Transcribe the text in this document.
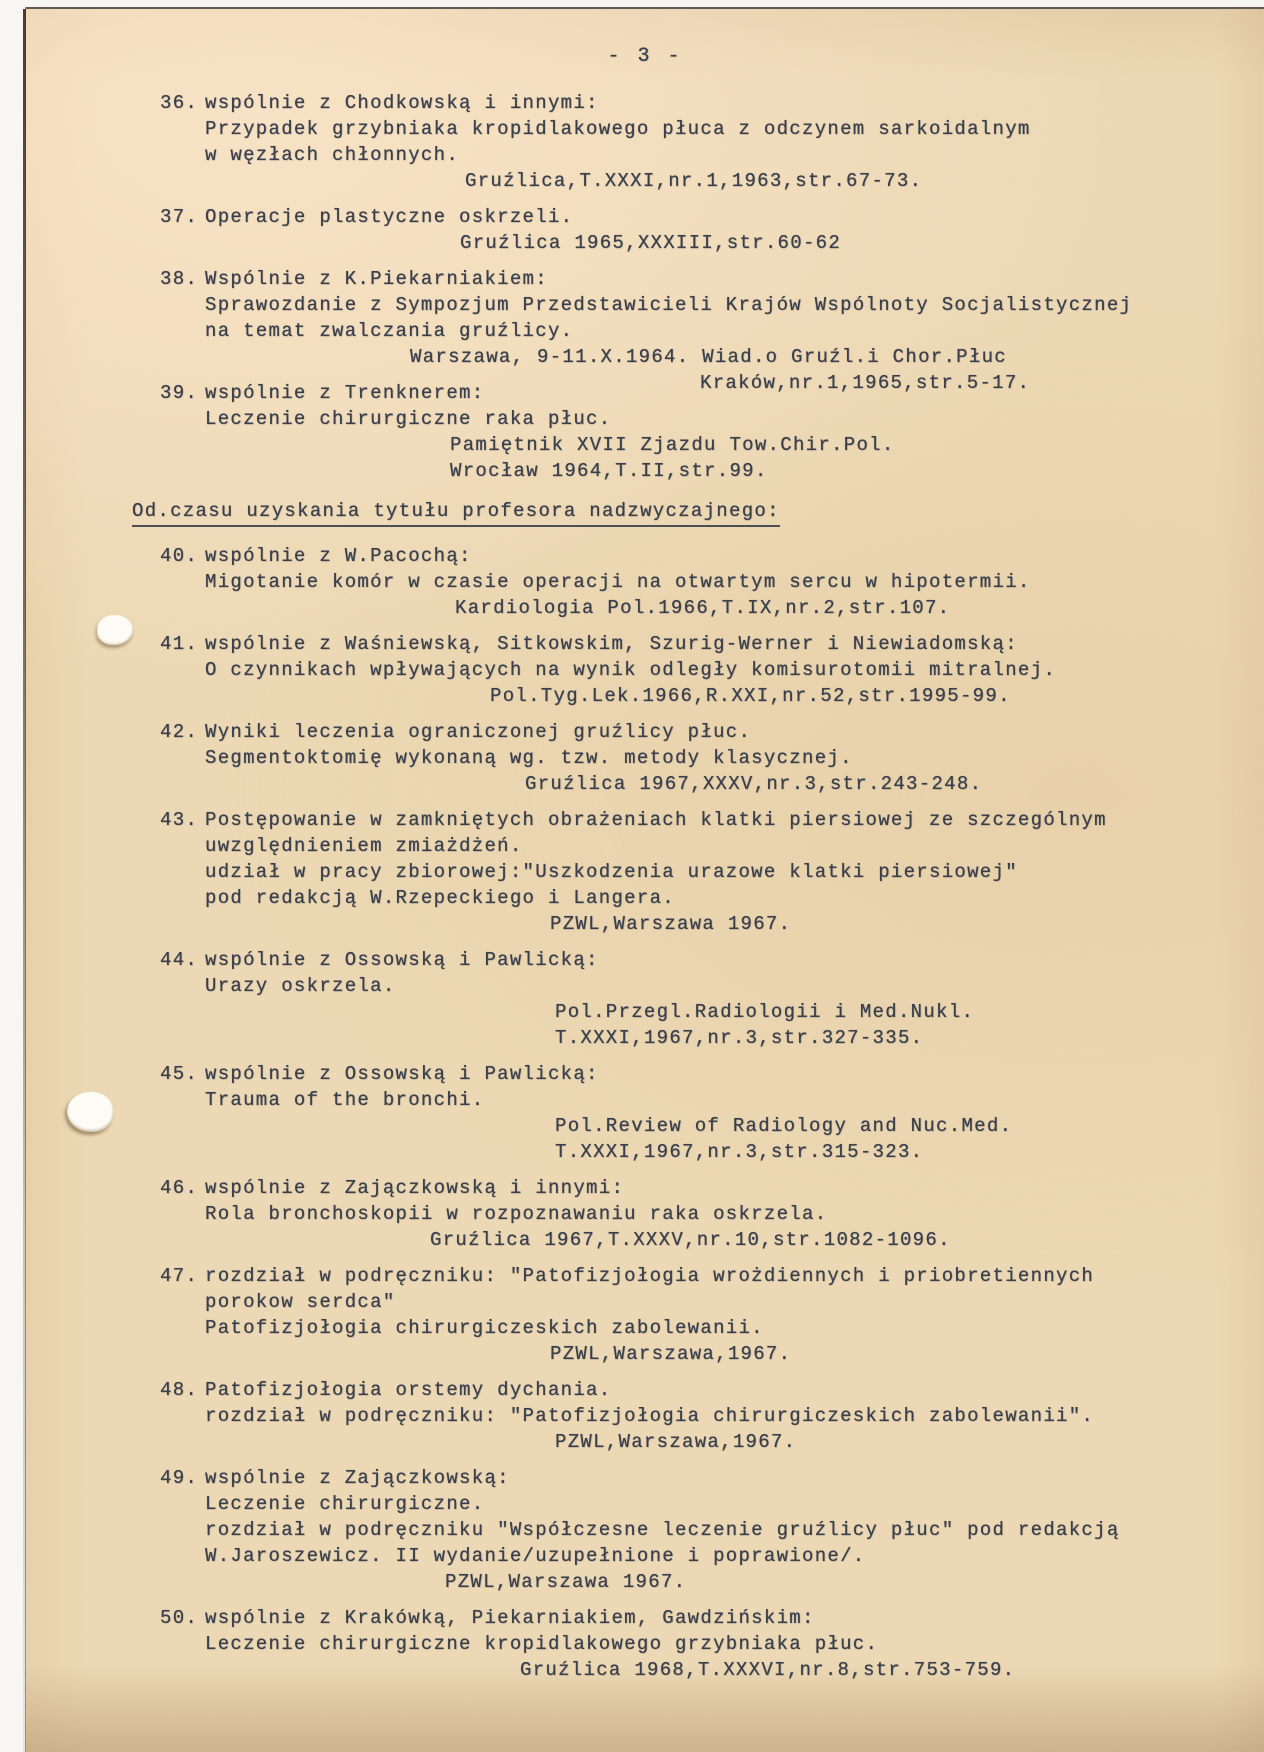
- 3 -
36. wspólnie z Chodkowską i innymi:
Przypadek grzybniaka kropidlakowego płuca z odczynem sarkoidalnym
w węzłach chłonnych.
Gruźlica,T.XXXI,nr.1,1963,str.67-73.
37. Operacje plastyczne oskrzeli.
Gruźlica 1965,XXXIII,str.60-62
38. Wspólnie z K.Piekarniakiem:
Sprawozdanie z Sympozjum Przedstawicieli Krajów Wspólnoty Socjalistycznej
na temat zwalczania gruźlicy.
Warszawa, 9-11.X.1964. Wiad.o Gruźl.i Chor.Płuc
Kraków,nr.1,1965,str.5-17.
39. wspólnie z Trenknerem:
Leczenie chirurgiczne raka płuc.
Pamiętnik XVII Zjazdu Tow.Chir.Pol.
Wrocław 1964,T.II,str.99.
Od.czasu uzyskania tytułu profesora nadzwyczajnego:
40. wspólnie z W.Pacochą:
Migotanie komór w czasie operacji na otwartym sercu w hipotermii.
Kardiologia Pol.1966,T.IX,nr.2,str.107.
41. wspólnie z Waśniewską, Sitkowskim, Szurig-Werner i Niewiadomską:
O czynnikach wpływających na wynik odległy komisurotomii mitralnej.
Pol.Tyg.Lek.1966,R.XXI,nr.52,str.1995-99.
42. Wyniki leczenia ograniczonej gruźlicy płuc.
Segmentoktomię wykonaną wg. tzw. metody klasycznej.
Gruźlica 1967,XXXV,nr.3,str.243-248.
43. Postępowanie w zamkniętych obrażeniach klatki piersiowej ze szczególnym
uwzględnieniem zmiażdżeń.
udział w pracy zbiorowej:"Uszkodzenia urazowe klatki piersiowej"
pod redakcją W.Rzepeckiego i Langera.
PZWL,Warszawa 1967.
44. wspólnie z Ossowską i Pawlicką:
Urazy oskrzela.
Pol.Przegl.Radiologii i Med.Nukl.
T.XXXI,1967,nr.3,str.327-335.
45. wspólnie z Ossowską i Pawlicką:
Trauma of the bronchi.
Pol.Review of Radiology and Nuc.Med.
T.XXXI,1967,nr.3,str.315-323.
46. wspólnie z Zajączkowską i innymi:
Rola bronchoskopii w rozpoznawaniu raka oskrzela.
Gruźlica 1967,T.XXXV,nr.10,str.1082-1096.
47. rozdział w podręczniku: "Patofizjołogia wrożdiennych i priobretiennych
porokow serdca"
Patofizjołogia chirurgiczeskich zabolewanii.
PZWL,Warszawa,1967.
48. Patofizjołogia orstemy dychania.
rozdział w podręczniku: "Patofizjołogia chirurgiczeskich zabolewanii".
PZWL,Warszawa,1967.
49. wspólnie z Zajączkowską:
Leczenie chirurgiczne.
rozdział w podręczniku "Współczesne leczenie gruźlicy płuc" pod redakcją
W.Jaroszewicz. II wydanie/uzupełnione i poprawione/.
PZWL,Warszawa 1967.
50. wspólnie z Krakówką, Piekarniakiem, Gawdzińskim:
Leczenie chirurgiczne kropidlakowego grzybniaka płuc.
Gruźlica 1968,T.XXXVI,nr.8,str.753-759.
